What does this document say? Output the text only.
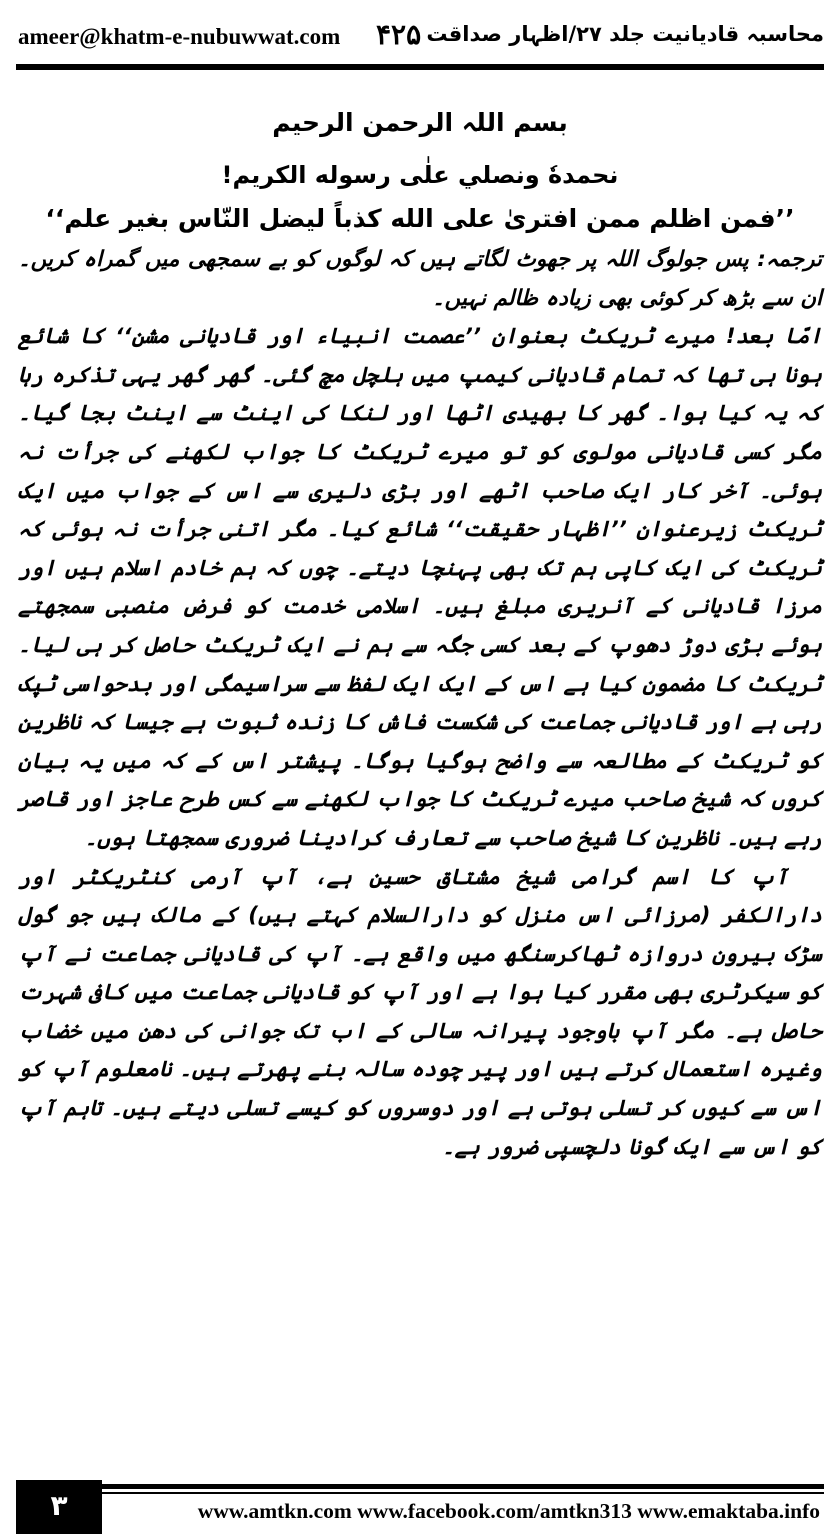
ameer@khatm-e-nubuwwat.com ۴۲۵ محاسبہ قادیانیت جلد ۲۷/اظہار صداقت

بسم اللہ الرحمن الرحیم

نحمدهٗ ونصلي علٰى رسوله الكريم!

’’فمن اظلم ممن افترىٰ على الله كذباً ليضل النّاس بغير علم‘‘

ترجمہ: پس جولوگ اللہ پر جھوٹ لگاتے ہیں کہ لوگوں کو بے سمجھی میں گمراہ کریں۔ ان سے بڑھ کر کوئی بھی زیادہ ظالم نہیں۔

امّا بعد! میرے ٹریکٹ بعنوان ’’عصمت انبیاء اور قادیانی مشن‘‘ کا شائع ہونا ہی تھا کہ تمام قادیانی کیمپ میں ہلچل مچ گئی۔ گھر گھر یہی تذکرہ رہا کہ یہ کیا ہوا۔ گھر کا بھیدی اٹھا اور لنکا کی اینٹ سے اینٹ بجا گیا۔ مگر کسی قادیانی مولوی کو تو میرے ٹریکٹ کا جواب لکھنے کی جرأت نہ ہوئی۔ آخر کار ایک صاحب اٹھے اور بڑی دلیری سے اس کے جواب میں ایک ٹریکٹ زیرعنوان ’’اظہار حقیقت‘‘ شائع کیا۔ مگر اتنی جرأت نہ ہوئی کہ ٹریکٹ کی ایک کاپی ہم تک بھی پہنچا دیتے۔ چوں کہ ہم خادم اسلام ہیں اور مرزا قادیانی کے آنریری مبلغ ہیں۔ اسلامی خدمت کو فرض منصبی سمجھتے ہوئے بڑی دوڑ دھوپ کے بعد کسی جگہ سے ہم نے ایک ٹریکٹ حاصل کر ہی لیا۔ ٹریکٹ کا مضمون کیا ہے اس کے ایک ایک لفظ سے سراسیمگی اور بدحواسی ٹپک رہی ہے اور قادیانی جماعت کی شکست فاش کا زندہ ثبوت ہے جیسا کہ ناظرین کو ٹریکٹ کے مطالعہ سے واضح ہوگیا ہوگا۔ پیشتر اس کے کہ میں یہ بیان کروں کہ شیخ صاحب میرے ٹریکٹ کا جواب لکھنے سے کس طرح عاجز اور قاصر رہے ہیں۔ ناظرین کا شیخ صاحب سے تعارف کرادینا ضروری سمجھتا ہوں۔

آپ کا اسم گرامی شیخ مشتاق حسین ہے، آپ آرمی کنٹریکٹر اور دارالکفر (مرزائی اس منزل کو دارالسلام کہتے ہیں) کے مالک ہیں جو گول سڑک بیرون دروازہ ٹھاکرسنگھ میں واقع ہے۔ آپ کی قادیانی جماعت نے آپ کو سیکرٹری بھی مقرر کیا ہوا ہے اور آپ کو قادیانی جماعت میں کافی شہرت حاصل ہے۔ مگر آپ باوجود پیرانہ سالی کے اب تک جوانی کی دھن میں خضاب وغیرہ استعمال کرتے ہیں اور پیر چودہ سالہ بنے پھرتے ہیں۔ نامعلوم آپ کو اس سے کیوں کر تسلی ہوتی ہے اور دوسروں کو کیسے تسلی دیتے ہیں۔ تاہم آپ کو اس سے ایک گونا دلچسپی ضرور ہے۔

۳	www.amtkn.com www.facebook.com/amtkn313 www.emaktaba.info
